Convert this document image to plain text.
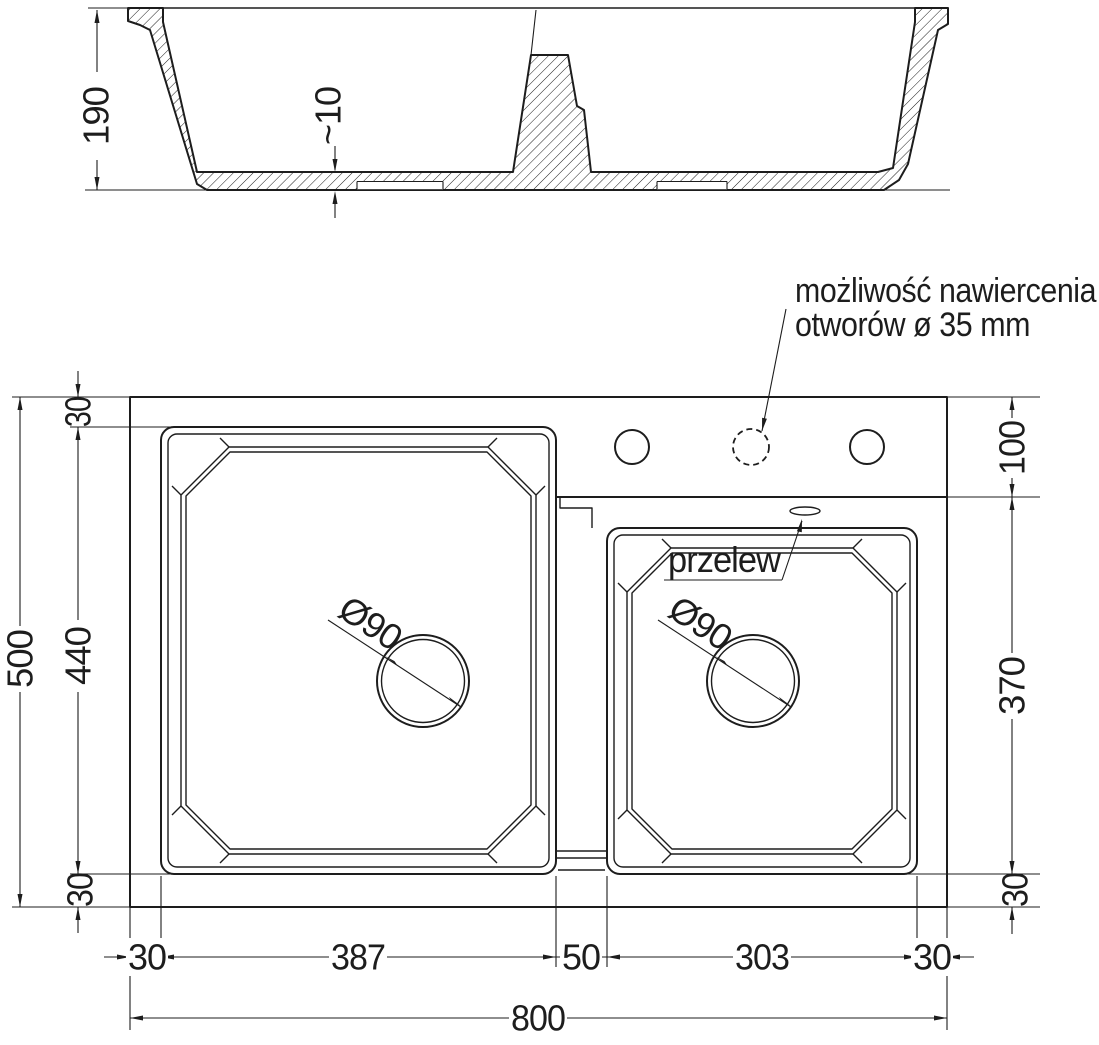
190	~10
możliwość nawiercenia
otworów ø 35 mm
przelew
Ø90	Ø90
500
30
440
30
100
370
30
30	387	50	303	30
800
